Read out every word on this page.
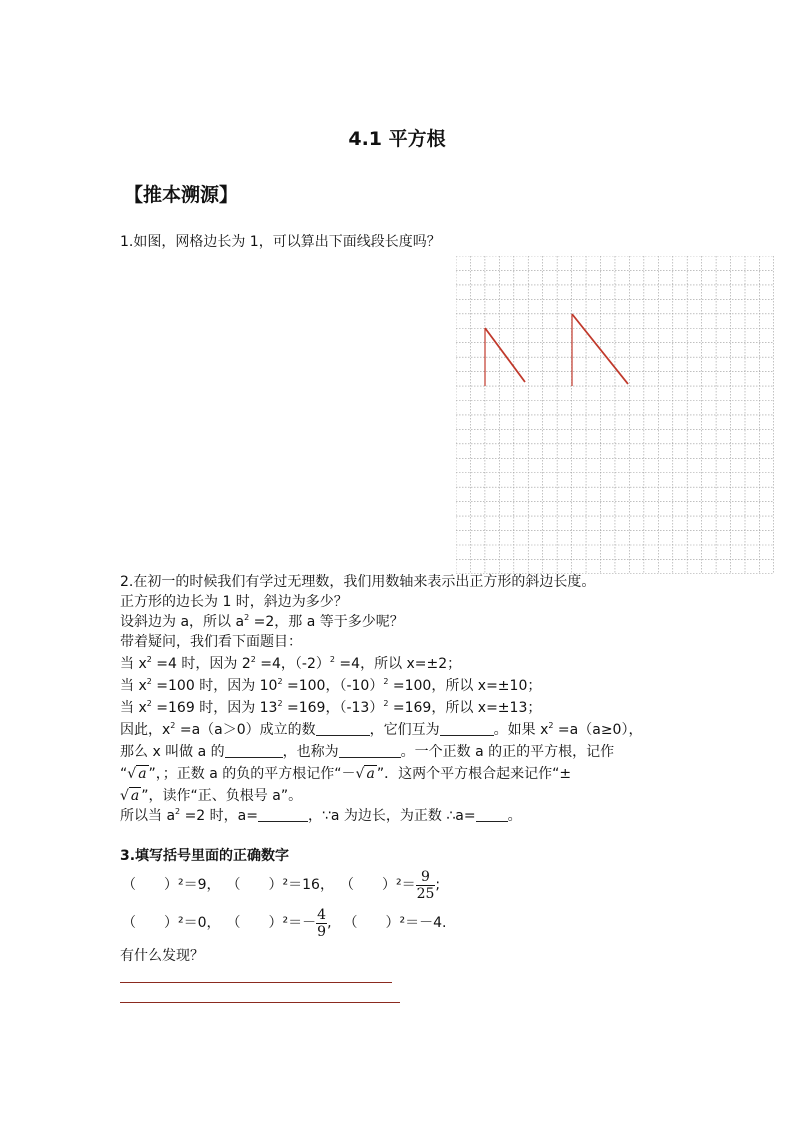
4.1 平方根
【推本溯源】
1.如图，网格边长为 1，可以算出下面线段长度吗？
2.在初一的时候我们有学过无理数，我们用数轴来表示出正方形的斜边长度。
正方形的边长为 1 时，斜边为多少？
设斜边为 a，所以 $a^2 =2$，那 a 等于多少呢？
带着疑问，我们看下面题目：
当 $x^2 =4$ 时，因为 $2^2 =4$，$(-2)^2 =4$，所以 x=±2；
当 $x^2 =100$ 时，因为 $10^2 =100$，$(-10)^2 =100$，所以 x=±10；
当 $x^2 =169$ 时，因为 $13^2 =169$，$(-13)^2 =169$，所以 x=±13；
因此，$x^2 =a(a>0)$成立的数	，它们互为	。如果 $x^2 =a(a\ge 0)$，
那么 x 叫做 a 的	，也称为	。一个正数 a 的正的平方根，记作
“√ a ”，；正数 a 的负的平方根记作“－√ a ”．这两个平方根合起来记作“±
√ a ”，读作“正、负根号 a”。
所以当 $a^2 =2$ 时，a=	，∵a 为边长，为正数 ∴a= 。
3.填写括号里面的正确数字
（　　）²＝9， （　　）²＝16， （　　）$^2= \frac{9}{25}$ ;
（　　）²＝0， （　　）$^2=- \frac{4}{9}$ , （　　）²＝－4.
有什么发现？
